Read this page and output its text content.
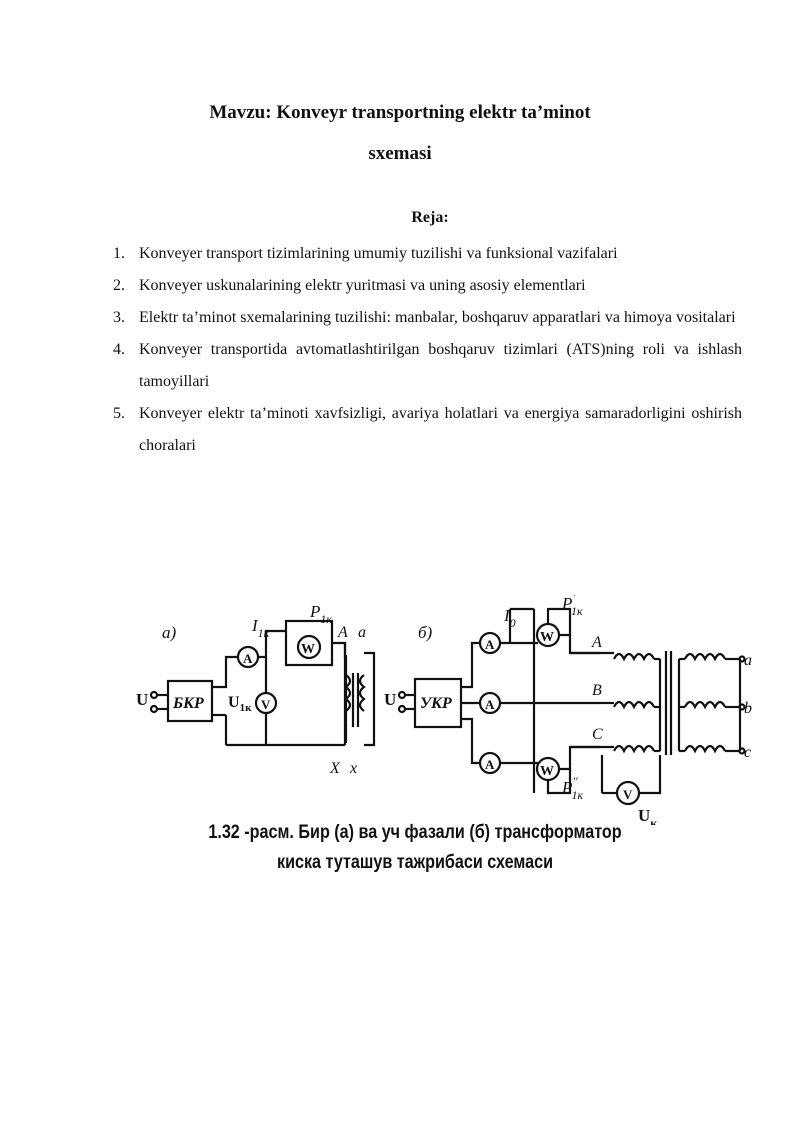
Mavzu: Konveyr transportning elektr ta’minot
sxemasi
Reja:
1. Konveyer transport tizimlarining umumiy tuzilishi va funksional vazifalari
2. Konveyer uskunalarining elektr yuritmasi va uning asosiy elementlari
3. Elektr ta’minot sxemalarining tuzilishi: manbalar, boshqaruv apparatlari va himoya vositalari
4. Konveyer transportida avtomatlashtirilgan boshqaruv tizimlari (ATS)ning roli va ishlash tamoyillari
5. Konveyer elektr ta’minoti xavfsizligi, avariya holatlari va energiya samaradorligini oshirish choralari
а)
U БКР
A
V
$I_{1к}$
$U_{1к}$
W
$P_{1к}$
A a
X x
б)
U УКР
A
A
A
$I_0$
W
W
P' 1к
P'' 1к
A
B
C
a
b
c
V
$U_к$
1.32 -расм. Бир (а) ва уч фазали (б) трансформатор
киска туташув тажрибаси схемаси
